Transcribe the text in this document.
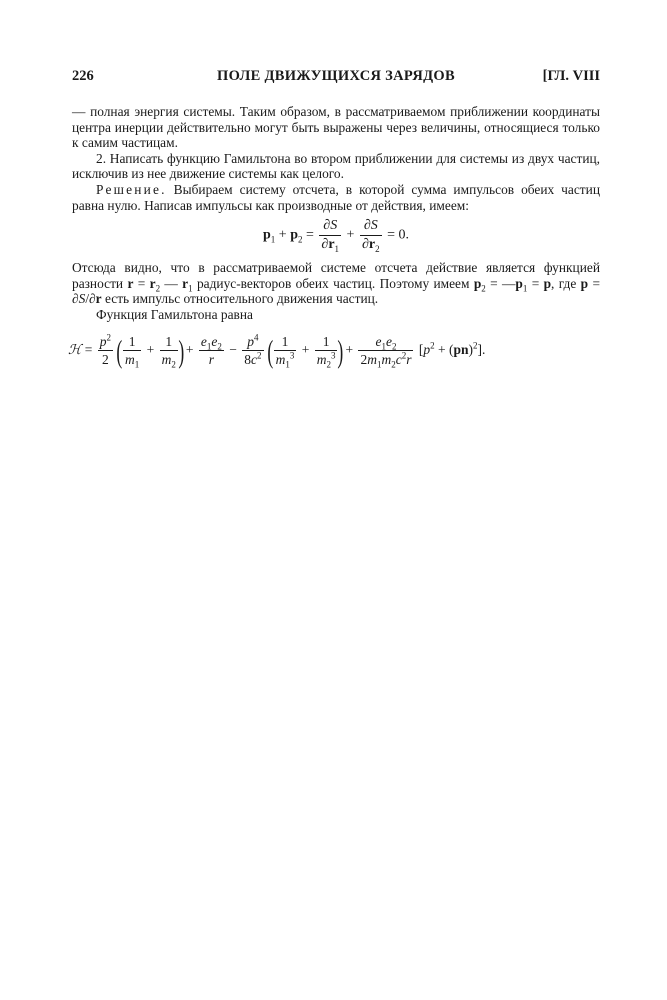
226	ПОЛЕ ДВИЖУЩИХСЯ ЗАРЯДОВ	[ГЛ. VIII

— полная энергия системы. Таким образом, в рассматриваемом приближении координаты центра инерции действительно могут быть выражены через величины, относящиеся только к самим частицам.

2. Написать функцию Гамильтона во втором приближении для системы из двух частиц, исключив из нее движение системы как целого.

Решение. Выбираем систему отсчета, в которой сумма импульсов обеих частиц равна нулю. Написав импульсы как производные от действия, имеем:

$p_1 + p_2 = \frac{\partial S}{\partial r_1} + \frac{\partial S}{\partial r_2} = 0$.

Отсюда видно, что в рассматриваемой системе отсчета действие является функцией разности $r = r_2$ — $r_1$ радиус-векторов обеих частиц. Поэтому имеем $p_2$ = $—p_1 = p$, где p = ∂S/∂r есть импульс относительного движения частиц.

Функция Гамильтона равна

ℋ = $\frac{p^2}{2}$ ( $\frac{1}{m_1} + \frac{1}{m_2}$ ) + $\frac{e_1e_2}{r} - \frac{p^4}{8c^2}$ ( $\frac{1}{m_1^3} + \frac{1}{m_2^3}$ ) + $\frac{e_1e_2}{2m_1m_2c^2r} [p^2 + (pn)^2]$.
